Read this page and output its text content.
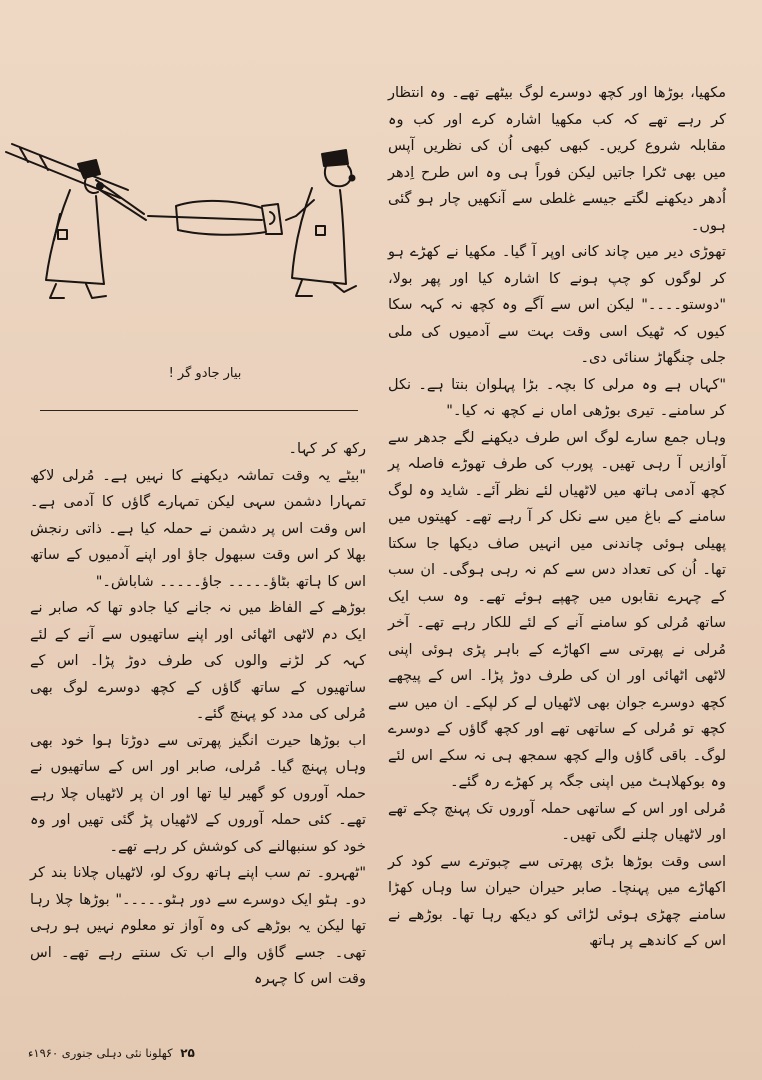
بیار جادو گر !

مکھیا، بوڑھا اور کچھ دوسرے لوگ بیٹھے تھے۔ وہ انتظار کر رہے تھے کہ کب مکھیا اشارہ کرے اور کب وہ مقابلہ شروع کریں۔ کبھی کبھی اُن کی نظریں آپس میں بھی ٹکرا جاتیں لیکن فوراً ہی وہ اس طرح اِدھر اُدھر دیکھنے لگتے جیسے غلطی سے آنکھیں چار ہو گئی ہوں۔

تھوڑی دیر میں چاند کانی اوپر آ گیا۔ مکھیا نے کھڑے ہو کر لوگوں کو چپ ہونے کا اشارہ کیا اور پھر بولا، "دوستو۔۔۔۔" لیکن اس سے آگے وہ کچھ نہ کہہ سکا کیوں کہ ٹھیک اسی وقت بہت سے آدمیوں کی ملی جلی چنگھاڑ سنائی دی۔

"کہاں ہے وہ مرلی کا بچہ۔ بڑا پہلوان بنتا ہے۔ نکل کر سامنے۔ تیری بوڑھی اماں نے کچھ نہ کیا۔"

وہاں جمع سارے لوگ اس طرف دیکھنے لگے جدھر سے آوازیں آ رہی تھیں۔ پورب کی طرف تھوڑے فاصلہ پر کچھ آدمی ہاتھ میں لاٹھیاں لئے نظر آئے۔ شاید وہ لوگ سامنے کے باغ میں سے نکل کر آ رہے تھے۔ کھیتوں میں پھیلی ہوئی چاندنی میں انہیں صاف دیکھا جا سکتا تھا۔ اُن کی تعداد دس سے کم نہ رہی ہوگی۔ ان سب کے چہرے نقابوں میں چھپے ہوئے تھے۔ وہ سب ایک ساتھ مُرلی کو سامنے آنے کے لئے للکار رہے تھے۔ آخر مُرلی نے پھرتی سے اکھاڑے کے باہر پڑی ہوئی اپنی لاٹھی اٹھائی اور ان کی طرف دوڑ پڑا۔ اس کے پیچھے کچھ دوسرے جوان بھی لاٹھیاں لے کر لپکے۔ ان میں سے کچھ تو مُرلی کے ساتھی تھے اور کچھ گاؤں کے دوسرے لوگ۔ باقی گاؤں والے کچھ سمجھ ہی نہ سکے اس لئے وہ بوکھلاہٹ میں اپنی جگہ پر کھڑے رہ گئے۔

مُرلی اور اس کے ساتھی حملہ آوروں تک پہنچ چکے تھے اور لاٹھیاں چلنے لگی تھیں۔

اسی وقت بوڑھا بڑی پھرتی سے چبوترے سے کود کر اکھاڑے میں پہنچا۔ صابر حیران حیران سا وہاں کھڑا سامنے چھڑی ہوئی لڑائی کو دیکھ رہا تھا۔ بوڑھے نے اس کے کاندھے پر ہاتھ

رکھ کر کہا۔

"بیٹے یہ وقت تماشہ دیکھنے کا نہیں ہے۔ مُرلی لاکھ تمہارا دشمن سہی لیکن تمہارے گاؤں کا آدمی ہے۔ اس وقت اس پر دشمن نے حملہ کیا ہے۔ ذاتی رنجش بھلا کر اس وقت سبھول جاؤ اور اپنے آدمیوں کے ساتھ اس کا ہاتھ بٹاؤ۔۔۔۔۔ جاؤ۔۔۔۔۔ شاباش۔"

بوڑھے کے الفاظ میں نہ جانے کیا جادو تھا کہ صابر نے ایک دم لاٹھی اٹھائی اور اپنے ساتھیوں سے آنے کے لئے کہہ کر لڑنے والوں کی طرف دوڑ پڑا۔ اس کے ساتھیوں کے ساتھ گاؤں کے کچھ دوسرے لوگ بھی مُرلی کی مدد کو پہنچ گئے۔

اب بوڑھا حیرت انگیز پھرتی سے دوڑتا ہوا خود بھی وہاں پہنچ گیا۔ مُرلی، صابر اور اس کے ساتھیوں نے حملہ آوروں کو گھیر لیا تھا اور ان پر لاٹھیاں چلا رہے تھے۔ کئی حملہ آوروں کے لاٹھیاں پڑ گئی تھیں اور وہ خود کو سنبھالنے کی کوشش کر رہے تھے۔

"ٹھہرو۔ تم سب اپنے ہاتھ روک لو، لاٹھیاں چلانا بند کر دو۔ ہٹو ایک دوسرے سے دور ہٹو۔۔۔۔۔" بوڑھا چلا رہا تھا لیکن یہ بوڑھے کی وہ آواز تو معلوم نہیں ہو رہی تھی۔ جسے گاؤں والے اب تک سنتے رہے تھے۔ اس وقت اس کا چہرہ

۲۵ کھلونا نئی دہلی جنوری ۱۹۶۰ء
